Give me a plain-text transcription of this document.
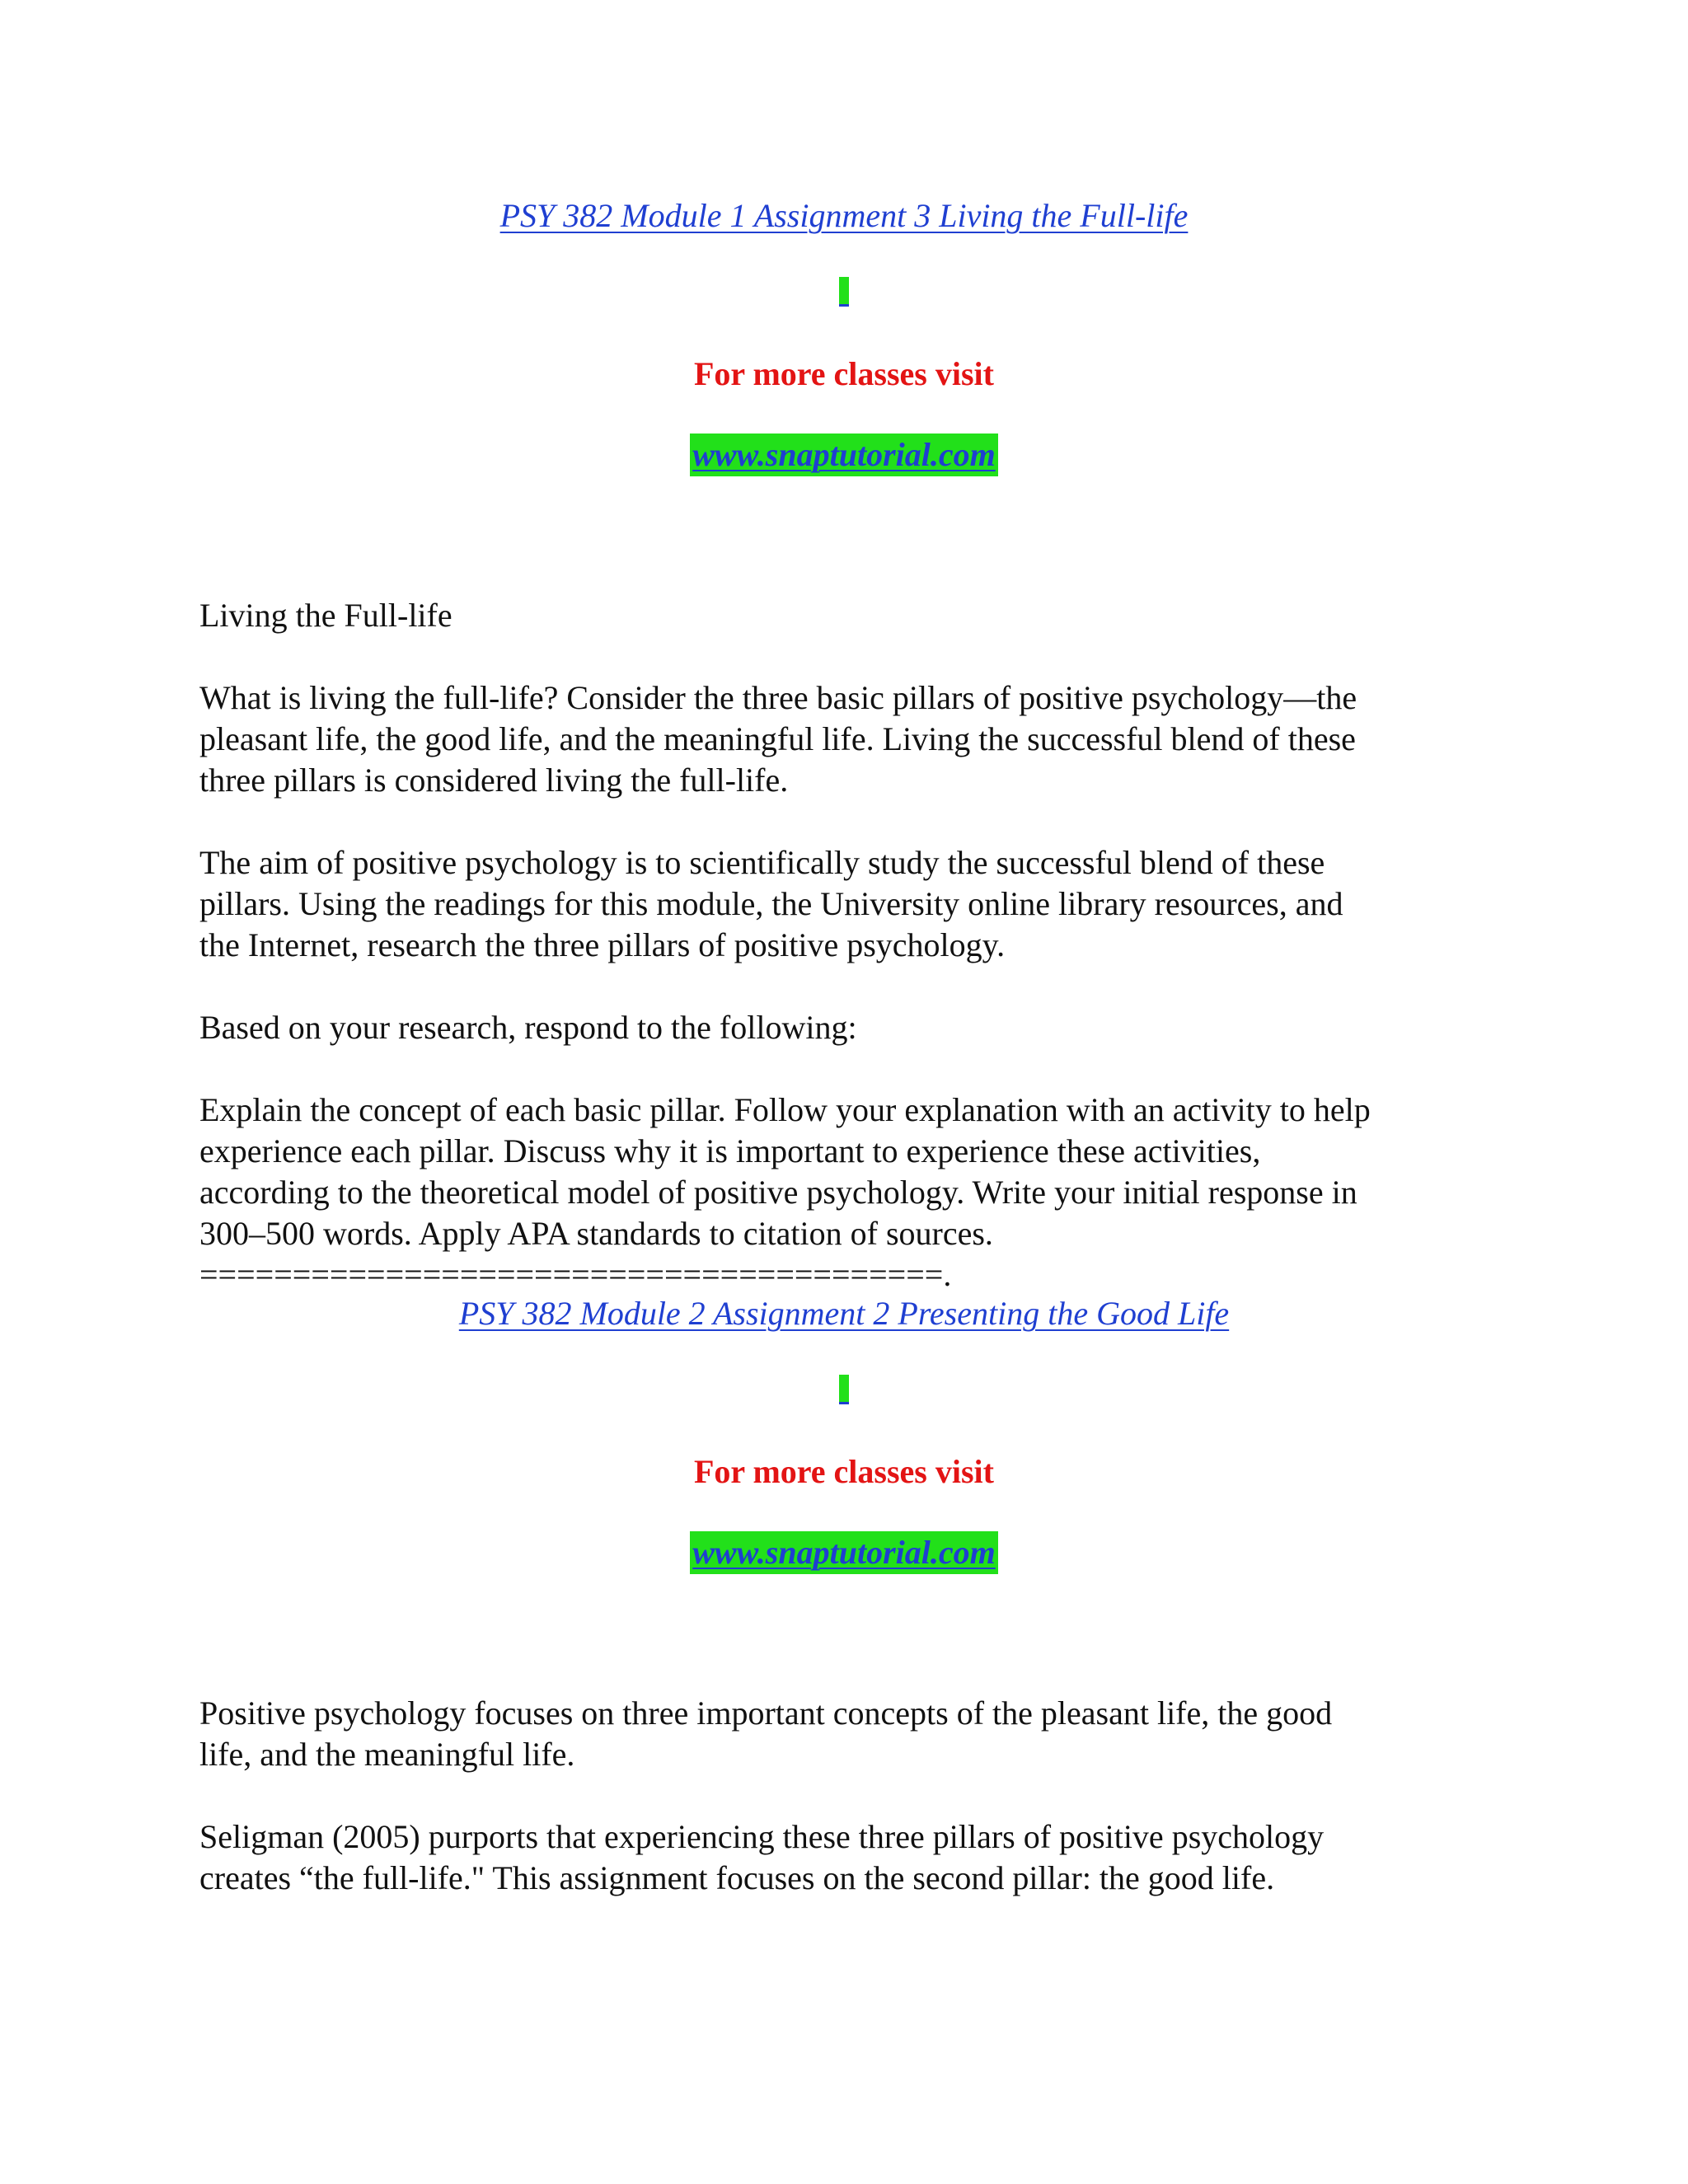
PSY 382 Module 1 Assignment 3 Living the Full-life
For more classes visit
www.snaptutorial.com
Living the Full-life
What is living the full-life? Consider the three basic pillars of positive psychology—the
pleasant life, the good life, and the meaningful life. Living the successful blend of these
three pillars is considered living the full-life.
The aim of positive psychology is to scientifically study the successful blend of these
pillars. Using the readings for this module, the University online library resources, and
the Internet, research the three pillars of positive psychology.
Based on your research, respond to the following:
Explain the concept of each basic pillar. Follow your explanation with an activity to help
experience each pillar. Discuss why it is important to experience these activities,
according to the theoretical model of positive psychology. Write your initial response in
300–500 words. Apply APA standards to citation of sources.
========================================.
PSY 382 Module 2 Assignment 2 Presenting the Good Life
For more classes visit
www.snaptutorial.com
Positive psychology focuses on three important concepts of the pleasant life, the good
life, and the meaningful life.
Seligman (2005) purports that experiencing these three pillars of positive psychology
creates “the full-life." This assignment focuses on the second pillar: the good life.
